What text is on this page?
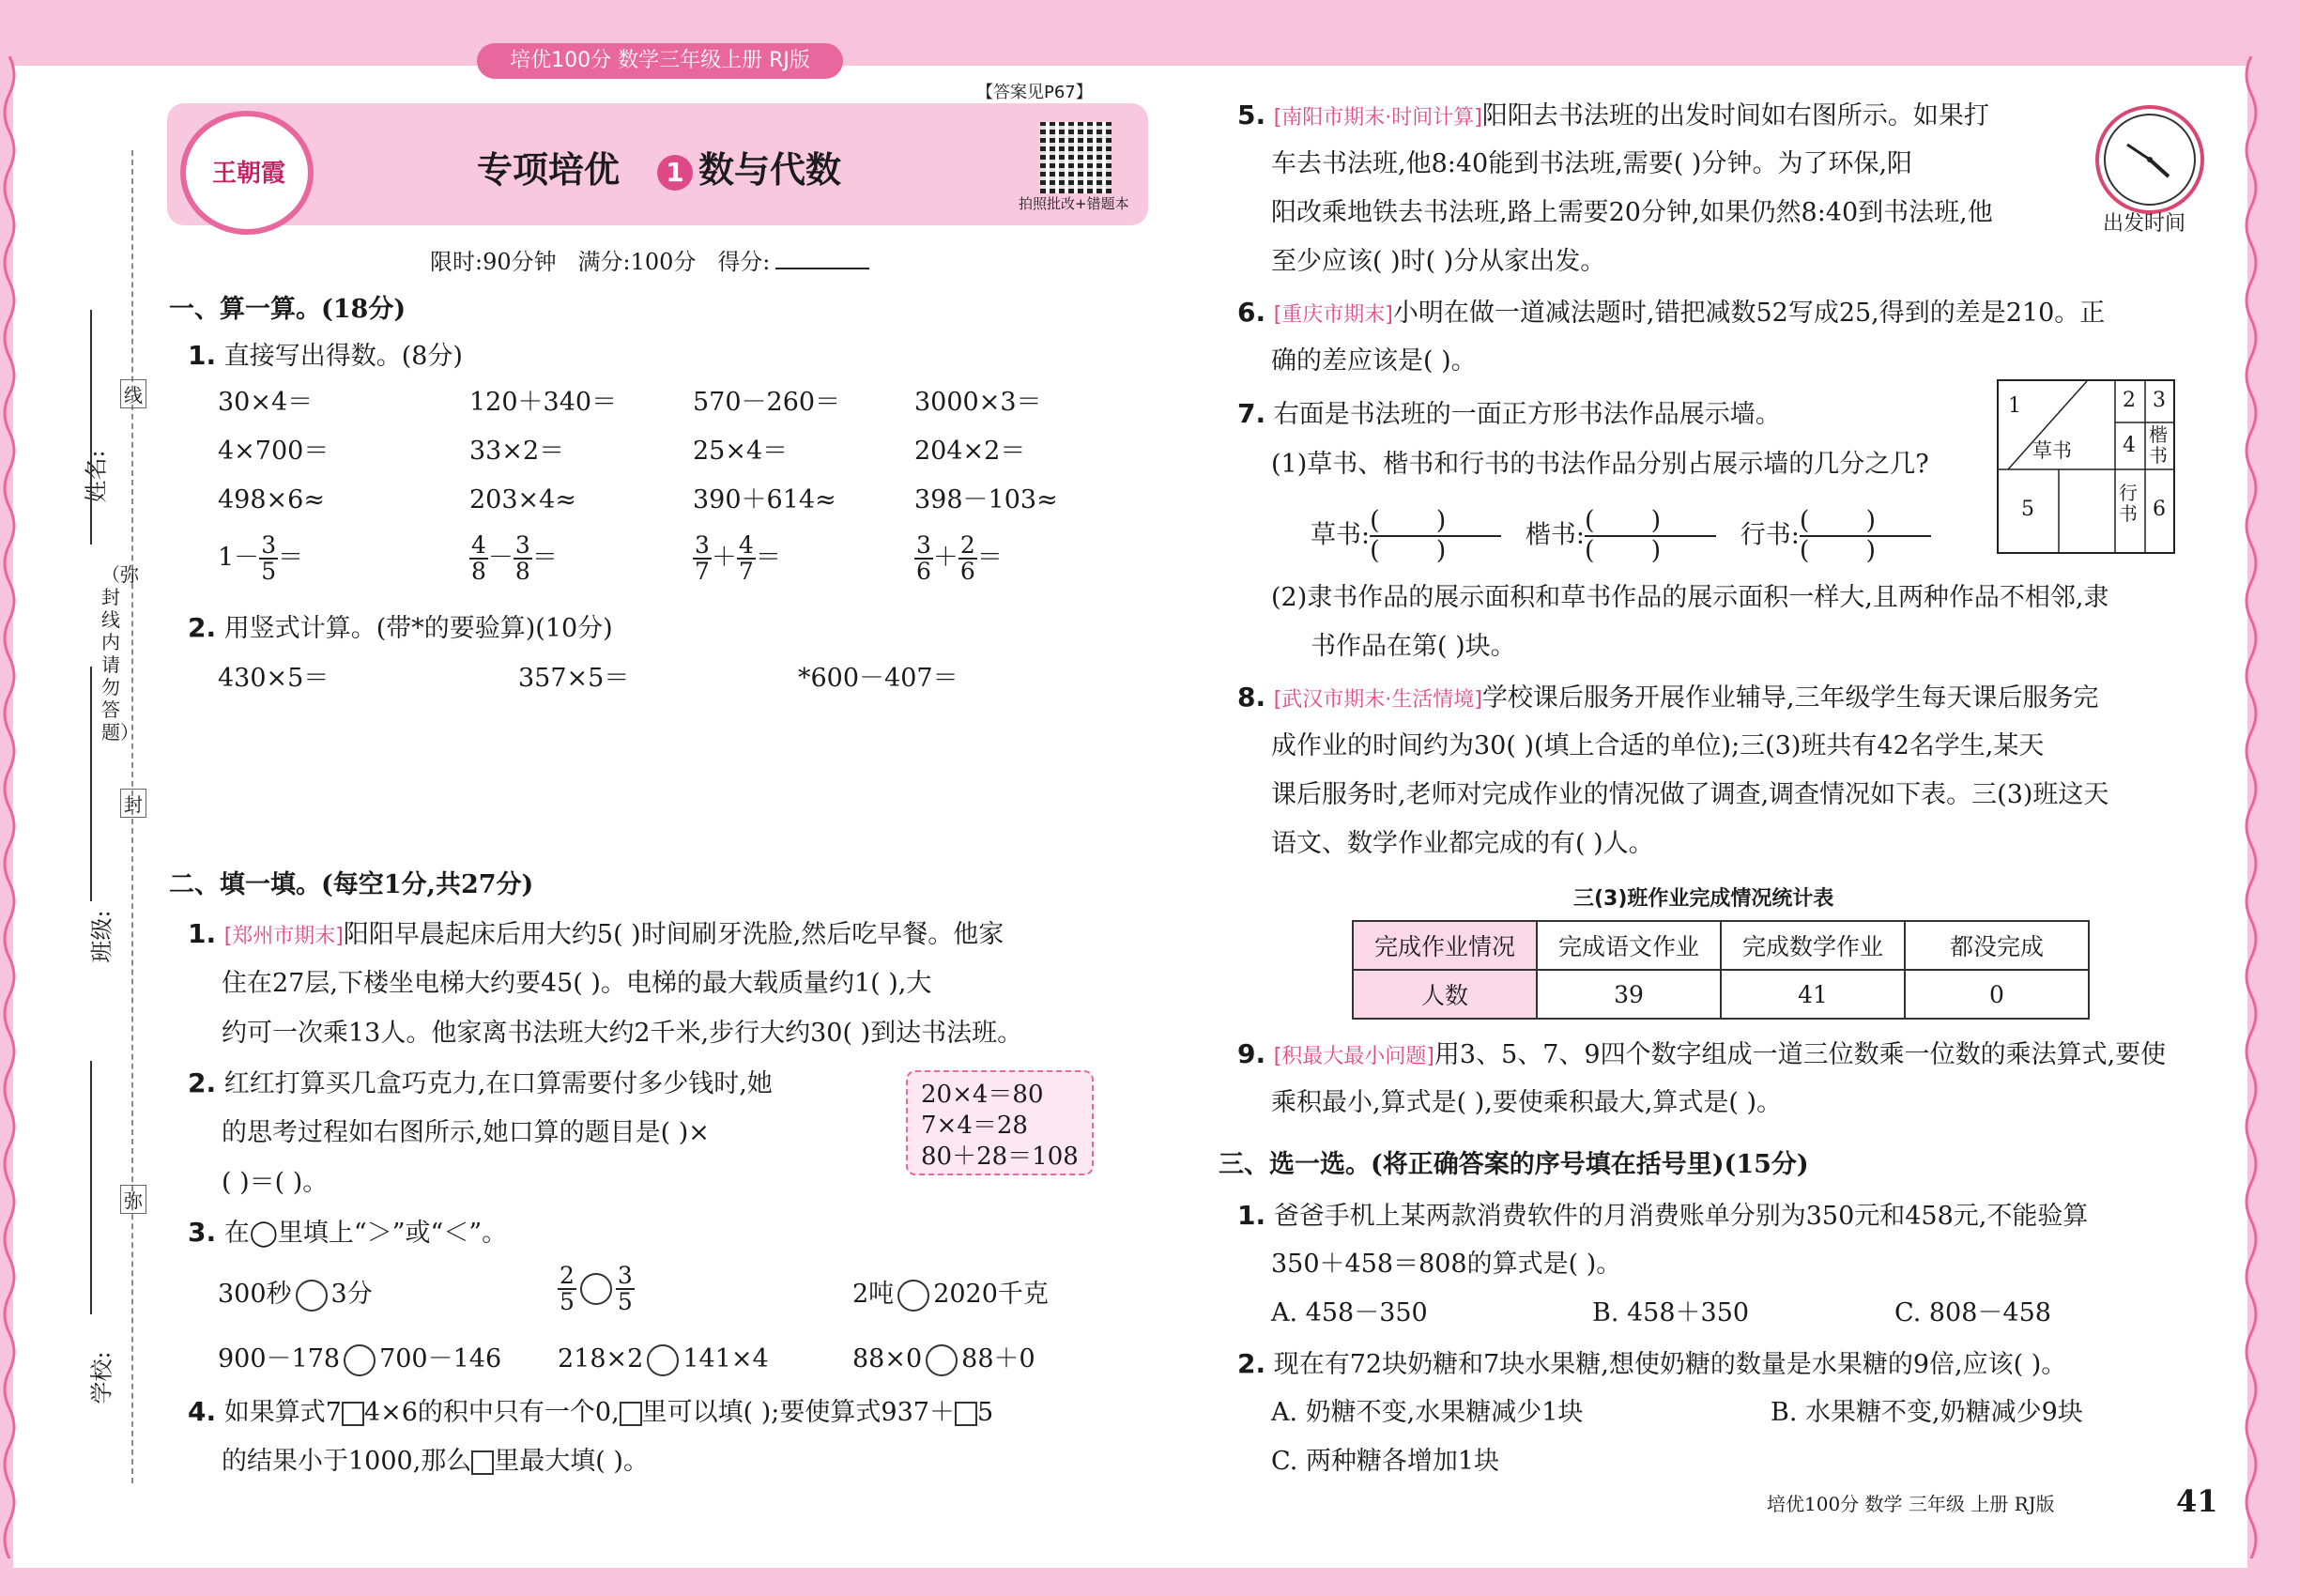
培优100分 数学三年级上册 RJ版
姓名:
线
班级:
（弥封线内请勿答题）
封
弥
学校:
【答案见P67】
王朝霞	专项培优 1 数与代数
拍照批改+错题本
限时:90分钟 满分:100分 得分:
一、算一算。(18分)
1. 直接写出得数。(8分)
30×4＝	120＋340＝	570－260＝	3000×3＝
4×700＝	33×2＝	25×4＝	204×2＝
498×6≈	203×4≈	390＋614≈	398－103≈
$1- \frac{3}{5}$ ＝	$\frac{4}{8} - \frac{3}{8}$ ＝	$\frac{3}{7} + \frac{4}{7}$ ＝	$\frac{3}{6} + \frac{2}{6}$ ＝
2. 用竖式计算。(带*的要验算)(10分)
430×5＝	357×5＝	*600－407＝
二、填一填。(每空1分,共27分)
1. [郑州市期末]阳阳早晨起床后用大约5( )时间刷牙洗脸,然后吃早餐。他家
住在27层,下楼坐电梯大约要45( )。电梯的最大载质量约1( ),大
约可一次乘13人。他家离书法班大约2千米,步行大约30( )到达书法班。
2. 红红打算买几盒巧克力,在口算需要付多少钱时,她
的思考过程如右图所示,她口算的题目是( )×
( )＝( )。
20×4＝80
7×4＝28
80＋28＝108
3. 在◯里填上“＞”或“＜”。
300秒 3分	$\frac{2}{5} \frac{3}{5}$	2吨 2020千克
900－178 700－146 218×2 141×4	88×0 88＋0
4. 如果算式7 4×6的积中只有一个0, 里可以填( );要使算式937＋ 5
的结果小于1000,那么 里最大填( )。
5. [南阳市期末·时间计算]阳阳去书法班的出发时间如右图所示。如果打
车去书法班,他8:40能到书法班,需要( )分钟。为了环保,阳
阳改乘地铁去书法班,路上需要20分钟,如果仍然8:40到书法班,他
至少应该( )时( )分从家出发。
出发时间
6. [重庆市期末]小明在做一道减法题时,错把减数52写成25,得到的差是210。正
确的差应该是( )。
7. 右面是书法班的一面正方形书法作品展示墙。
(1)草书、楷书和行书的书法作品分别占展示墙的几分之几?
草书: $\frac{( )}{( )}$ 楷书: $\frac{( )}{( )}$ 行书: $\frac{( )}{( )}$
1	2 3
草书 4 楷书
5
行书 6
(2)隶书作品的展示面积和草书作品的展示面积一样大,且两种作品不相邻,隶
书作品在第( )块。
8. [武汉市期末·生活情境]学校课后服务开展作业辅导,三年级学生每天课后服务完
成作业的时间约为30( )(填上合适的单位);三(3)班共有42名学生,某天
课后服务时,老师对完成作业的情况做了调查,调查情况如下表。三(3)班这天
语文、数学作业都完成的有( )人。
三(3)班作业完成情况统计表
完成作业情况	完成语文作业	完成数学作业	都没完成
人数	39	41	0
9. [积最大最小问题]用3、5、7、9四个数字组成一道三位数乘一位数的乘法算式,要使
乘积最小,算式是( ),要使乘积最大,算式是( )。
三、选一选。(将正确答案的序号填在括号里)(15分)
1. 爸爸手机上某两款消费软件的月消费账单分别为350元和458元,不能验算
350＋458＝808的算式是( )。
A. 458－350	B. 458＋350	C. 808－458
2. 现在有72块奶糖和7块水果糖,想使奶糖的数量是水果糖的9倍,应该( )。
A. 奶糖不变,水果糖减少1块	B. 水果糖不变,奶糖减少9块
C. 两种糖各增加1块
培优100分 数学 三年级 上册 RJ版	41
